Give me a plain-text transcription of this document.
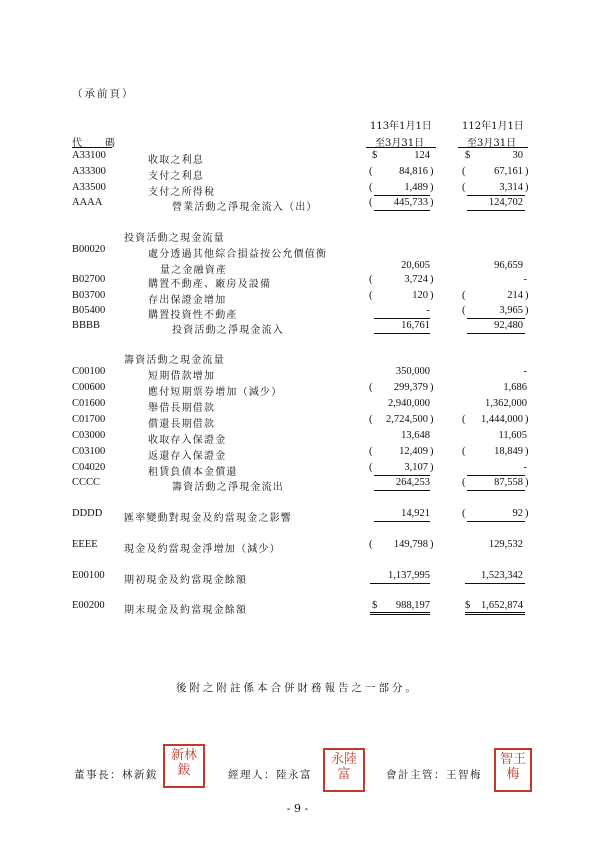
（承前頁）
113年1月1日
至3月31日
112年1月1日
至3月31日
代　　碼
A33100	收取之利息	$	124	$	30
A33300	支付之利息	(	84,816 )	(	67,161 )
A33500	支付之所得稅	(	1,489 )	(	3,314 )
AAAA	營業活動之淨現金流入（出）	(	445,733 )	124,702
投資活動之現金流量
B00020	處分透過其他綜合損益按公允價值衡
量之金融資產	20,605	96,659
B02700	購置不動產、廠房及設備	(	3,724 )	-
B03700	存出保證金增加	(	120 )	(	214 )
B05400	購置投資性不動產	-	(	3,965 )
BBBB	投資活動之淨現金流入	16,761	92,480
籌資活動之現金流量
C00100	短期借款增加	350,000	-
C00600	應付短期票券增加（減少）	(	299,379 )	1,686
C01600	舉借長期借款	2,940,000	1,362,000
C01700	償還長期借款	(	2,724,500 )	(	1,444,000 )
C03000	收取存入保證金	13,648	11,605
C03100	返還存入保證金	(	12,409 )	(	18,849 )
C04020	租賃負債本金償還	(	3,107 )	-
CCCC	籌資活動之淨現金流出	264,253	(	87,558 )
DDDD 匯率變動對現金及約當現金之影響	14,921	(	92 )
EEEE	現金及約當現金淨增加（減少）	(	149,798 )	129,532
E00100 期初現金及約當現金餘額	1,137,995	1,523,342
E00200 期末現金及約當現金餘額	$	988,197	$	1,652,874
後附之附註係本合併財務報告之一部分。
董事長：林新鈸
新林鈸	經理人：陸永富
永陸富	會計主管：王智梅
智王梅
- 9 -
